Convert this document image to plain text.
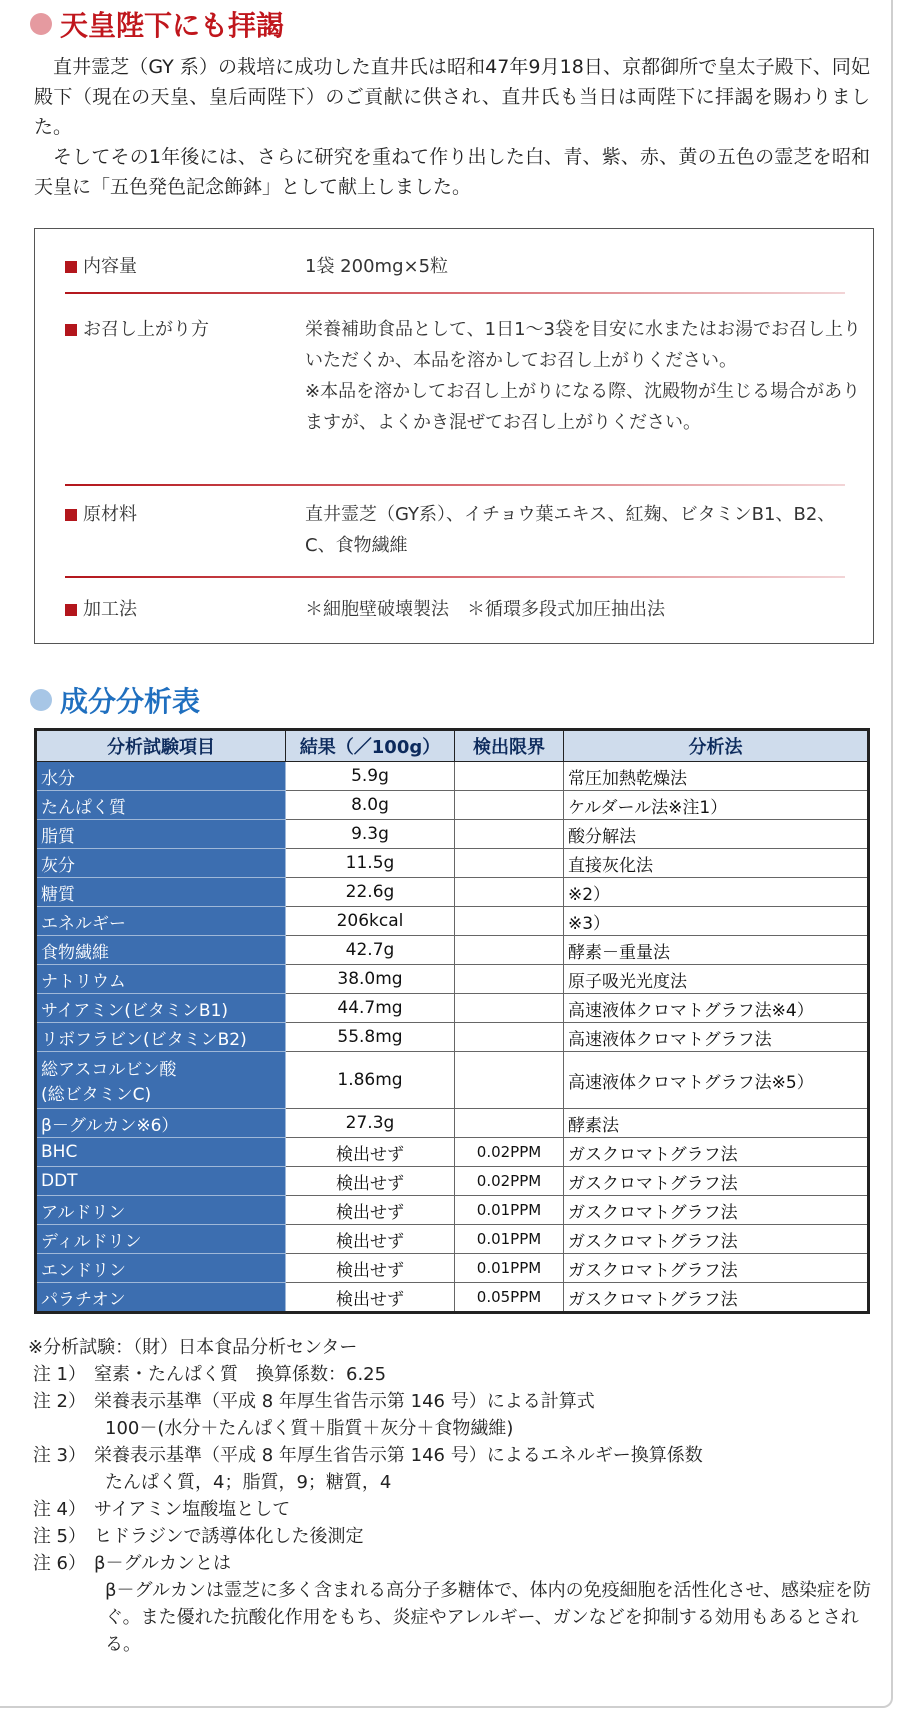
天皇陛下にも拝謁

直井霊芝（GY 系）の栽培に成功した直井氏は昭和47年9月18日、京都御所で皇太子殿下、同妃殿下（現在の天皇、皇后両陛下）のご貢献に供され、直井氏も当日は両陛下に拝謁を賜わりました。

そしてその1年後には、さらに研究を重ねて作り出した白、青、紫、赤、黄の五色の霊芝を昭和天皇に「五色発色記念飾鉢」として献上しました。

内容量	1袋 200mg×5粒
お召し上がり方	栄養補助食品として、1日1～3袋を目安に水またはお湯でお召し上りいただくか、本品を溶かしてお召し上がりください。
※本品を溶かしてお召し上がりになる際、沈殿物が生じる場合がありますが、よくかき混ぜてお召し上がりください。
原材料	直井霊芝（GY系）、イチョウ葉エキス、紅麹、ビタミンB1、B2、C、食物繊維
加工法	＊細胞壁破壊製法　＊循環多段式加圧抽出法
成分分析表
分析試験項目	結果（／100g）	検出限界	分析法

水分	5.9g		常圧加熱乾燥法

たんぱく質	8.0g		ケルダール法※注1）

脂質	9.3g		酸分解法

灰分	11.5g		直接灰化法

糖質	22.6g		※2）

エネルギー	206kcal		※3）

食物繊維	42.7g		酵素－重量法

ナトリウム	38.0mg		原子吸光光度法

サイアミン(ビタミンB1)	44.7mg		高速液体クロマトグラフ法※4）

リボフラビン(ビタミンB2)	55.8mg		高速液体クロマトグラフ法

総アスコルビン酸
(総ビタミンC)	1.86mg		高速液体クロマトグラフ法※5）

β－グルカン※6）	27.3g		酵素法

BHC	検出せず	0.02PPM	ガスクロマトグラフ法

DDT	検出せず	0.02PPM	ガスクロマトグラフ法

アルドリン	検出せず	0.01PPM	ガスクロマトグラフ法

ディルドリン	検出せず	0.01PPM	ガスクロマトグラフ法

エンドリン	検出せず	0.01PPM	ガスクロマトグラフ法

パラチオン	検出せず	0.05PPM	ガスクロマトグラフ法

※分析試験：（財）日本食品分析センター

注 1） 窒素・たんぱく質　換算係数：6.25
注 2） 栄養表示基準（平成 8 年厚生省告示第 146 号）による計算式
100－(水分＋たんぱく質＋脂質＋灰分＋食物繊維)
注 3） 栄養表示基準（平成 8 年厚生省告示第 146 号）によるエネルギー換算係数
たんぱく質，4；脂質，9；糖質，4
注 4） サイアミン塩酸塩として
注 5） ヒドラジンで誘導体化した後測定
注 6） β－グルカンとは
β－グルカンは霊芝に多く含まれる高分子多糖体で、体内の免疫細胞を活性化させ、感染症を防ぐ。また優れた抗酸化作用をもち、炎症やアレルギー、ガンなどを抑制する効用もあるとされる。
